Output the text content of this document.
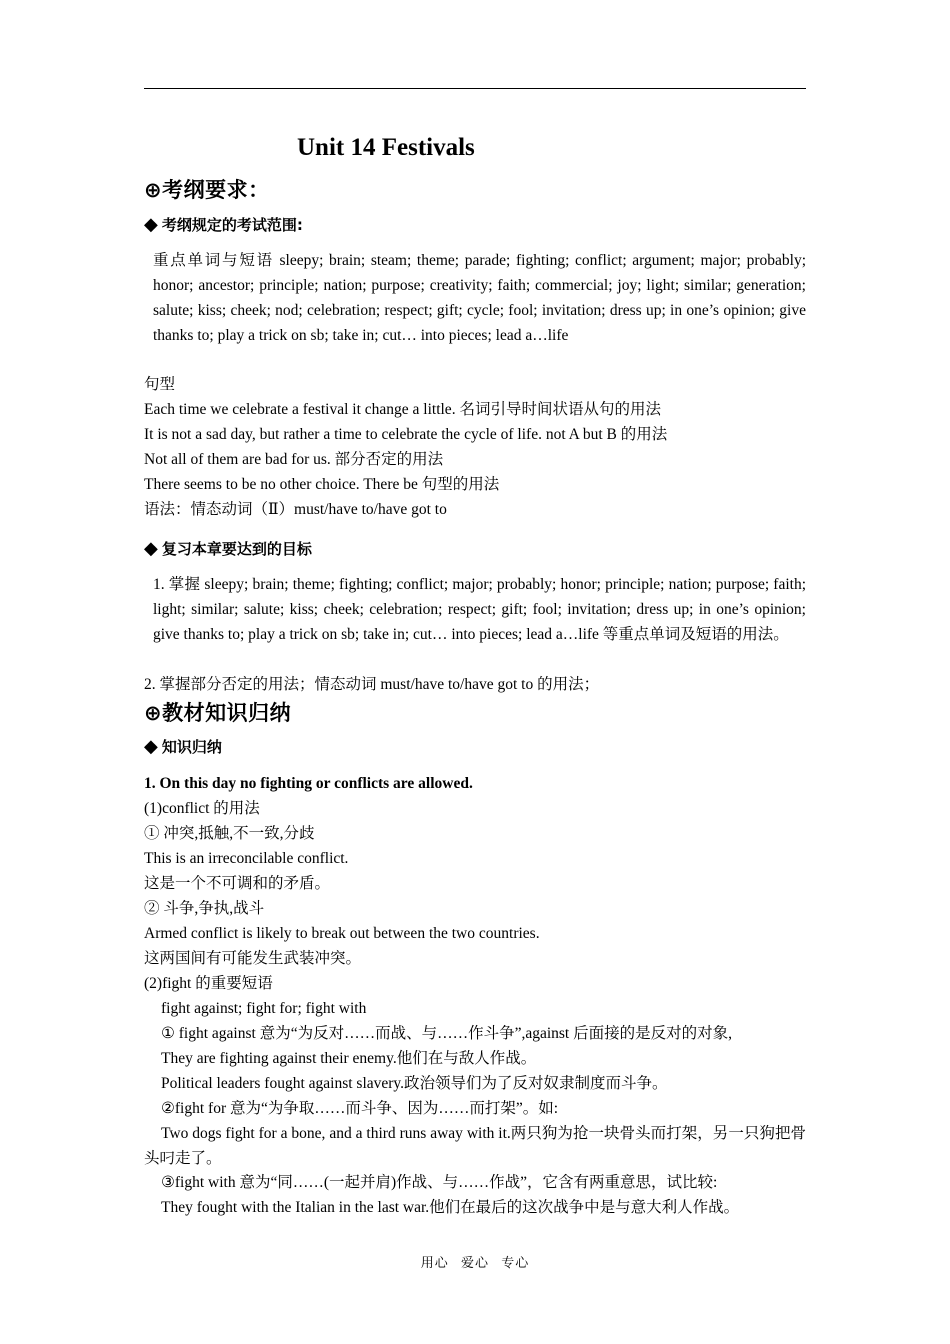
Unit 14 Festivals
⊕考纲要求：
◆ 考纲规定的考试范围:
重点单词与短语 sleepy; brain; steam; theme; parade; fighting; conflict; argument; major; probably; honor; ancestor; principle; nation; purpose; creativity; faith; commercial; joy; light; similar; generation; salute; kiss; cheek; nod; celebration; respect; gift; cycle; fool; invitation; dress up; in one’s opinion; give thanks to; play a trick on sb; take in; cut… into pieces; lead a…life
句型
Each time we celebrate a festival it change a little. 名词引导时间状语从句的用法
It is not a sad day, but rather a time to celebrate the cycle of life. not A but B 的用法
Not all of them are bad for us. 部分否定的用法
There seems to be no other choice. There be 句型的用法
语法：情态动词（Ⅱ）must/have to/have got to
◆ 复习本章要达到的目标
1. 掌握 sleepy; brain; theme; fighting; conflict; major; probably; honor; principle; nation; purpose; faith; light; similar; salute; kiss; cheek; celebration; respect; gift; fool; invitation; dress up; in one’s opinion; give thanks to; play a trick on sb; take in; cut… into pieces; lead a…life 等重点单词及短语的用法。
2. 掌握部分否定的用法；情态动词 must/have to/have got to 的用法；
⊕教材知识归纳
◆ 知识归纳
1. On this day no fighting or conflicts are allowed.
(1)conflict 的用法
① 冲突,抵触,不一致,分歧
This is an irreconcilable conflict.
这是一个不可调和的矛盾。
② 斗争,争执,战斗
Armed conflict is likely to break out between the two countries.
这两国间有可能发生武装冲突。
(2)fight 的重要短语
fight against; fight for; fight with
① fight against 意为“为反对……而战、与……作斗争”,against 后面接的是反对的对象,
They are fighting against their enemy.他们在与敌人作战。
Political leaders fought against slavery.政治领导们为了反对奴隶制度而斗争。
②fight for 意为“为争取……而斗争、因为……而打架”。如:
Two dogs fight for a bone, and a third runs away with it.两只狗为抢一块骨头而打架，另一只狗把骨头叼走了。
③fight with 意为“同……(一起并肩)作战、与……作战”，它含有两重意思，试比较:
They fought with the Italian in the last war.他们在最后的这次战争中是与意大利人作战。
用心 爱心 专心
